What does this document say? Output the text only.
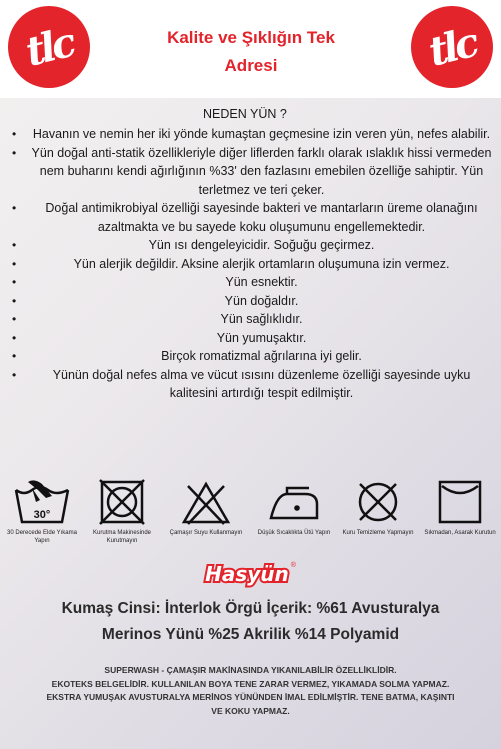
tlc	Kalite ve Şıklığın Tek
Adresi	tlc
NEDEN YÜN ?
• Havanın ve nemin her iki yönde kumaştan geçmesine izin veren yün, nefes alabilir.
• Yün doğal anti-statik özellikleriyle diğer liflerden farklı olarak ıslaklık hissi vermeden nem buharını kendi ağırlığının %33' den fazlasını emebilen özelliğe sahiptir. Yün terletmez ve teri çeker.
• Doğal antimikrobiyal özelliği sayesinde bakteri ve mantarların üreme olanağını azaltmakta ve bu sayede koku oluşumunu engellemektedir.
•	Yün ısı dengeleyicidir. Soğuğu geçirmez.
•	Yün alerjik değildir. Aksine alerjik ortamların oluşumuna izin vermez.
•	Yün esnektir.
•	Yün doğaldır.
•	Yün sağlıklıdır.
•	Yün yumuşaktır.
•	Birçok romatizmal ağrılarına iyi gelir.
•	Yünün doğal nefes alma ve vücut ısısını düzenleme özelliği sayesinde uyku kalitesini artırdığı tespit edilmiştir.
30°
30 Derecede Elde Yıkama Yapın
Kurutma Makinesinde Kurutmayın
Çamaşır Suyu Kullanmayın	Düşük Sıcaklıkta Ütü Yapın	Kuru Temizleme Yapmayın	Sıkmadan, Asarak Kurutun
Hasyün ®
Kumaş Cinsi: İnterlok Örgü İçerik: %61 Avusturalya
Merinos Yünü %25 Akrilik %14 Polyamid

SUPERWASH - ÇAMAŞIR MAKİNASINDA YIKANILABİLİR ÖZELLİKLİDİR.

EKOTEKS BELGELİDİR. KULLANILAN BOYA TENE ZARAR VERMEZ, YIKAMADA SOLMA YAPMAZ.

EKSTRA YUMUŞAK AVUSTURALYA MERİNOS YÜNÜNDEN İMAL EDİLMİŞTİR. TENE BATMA, KAŞINTI VE KOKU YAPMAZ.
